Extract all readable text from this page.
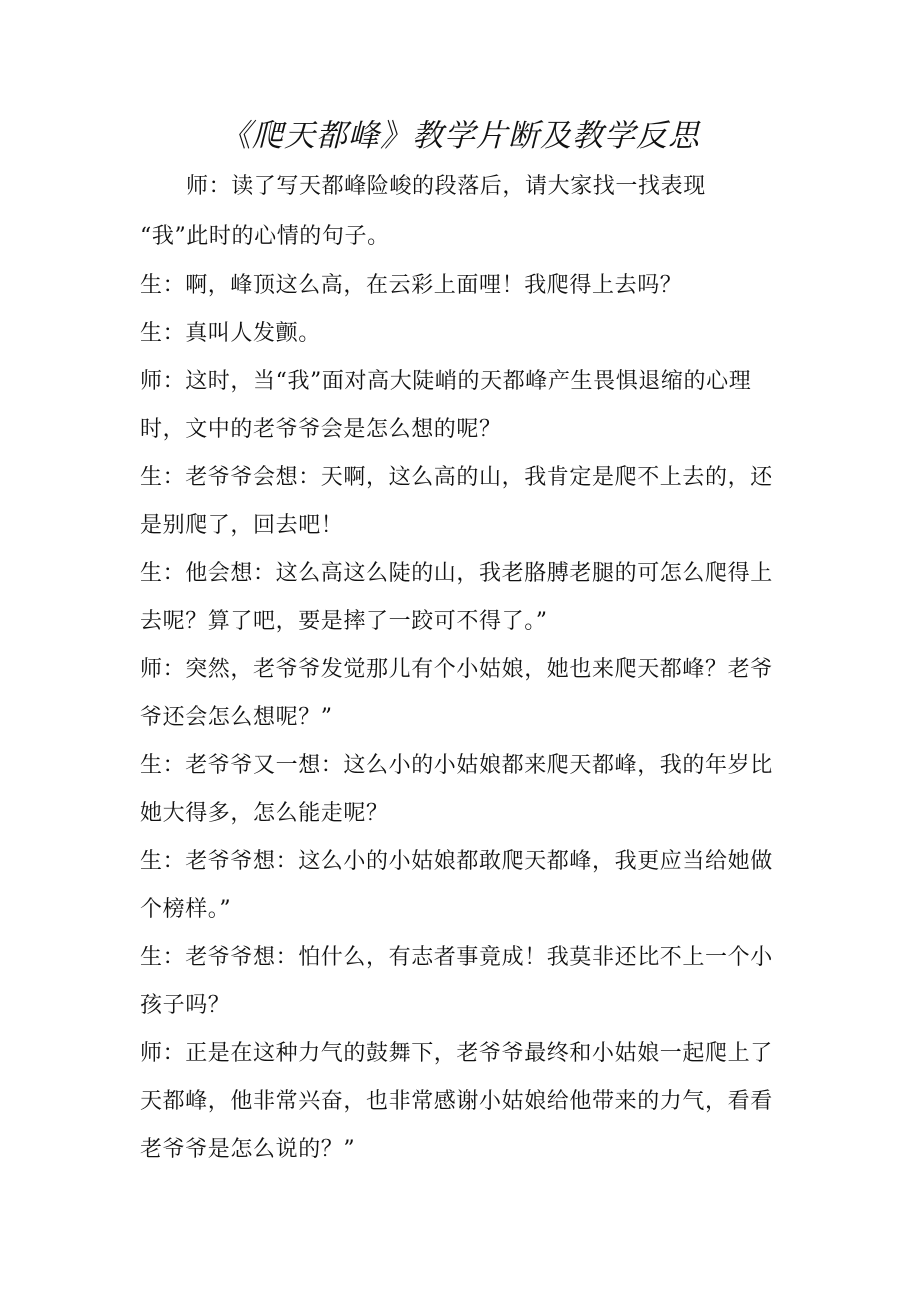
《爬天都峰》教学片断及教学反思
师：读了写天都峰险峻的段落后，请大家找一找表现
“我”此时的心情的句子。
生：啊，峰顶这么高，在云彩上面哩！我爬得上去吗？
生：真叫人发颤。
师：这时，当“我”面对高大陡峭的天都峰产生畏惧退缩的心理
时，文中的老爷爷会是怎么想的呢？
生：老爷爷会想：天啊，这么高的山，我肯定是爬不上去的，还
是别爬了，回去吧！
生：他会想：这么高这么陡的山，我老胳膊老腿的可怎么爬得上
去呢？算了吧，要是摔了一跤可不得了。”
师：突然，老爷爷发觉那儿有个小姑娘，她也来爬天都峰？老爷
爷还会怎么想呢？”
生：老爷爷又一想：这么小的小姑娘都来爬天都峰，我的年岁比
她大得多，怎么能走呢？
生：老爷爷想：这么小的小姑娘都敢爬天都峰，我更应当给她做
个榜样。”
生：老爷爷想：怕什么，有志者事竟成！我莫非还比不上一个小
孩子吗？
师：正是在这种力气的鼓舞下，老爷爷最终和小姑娘一起爬上了
天都峰，他非常兴奋，也非常感谢小姑娘给他带来的力气，看看
老爷爷是怎么说的？”
